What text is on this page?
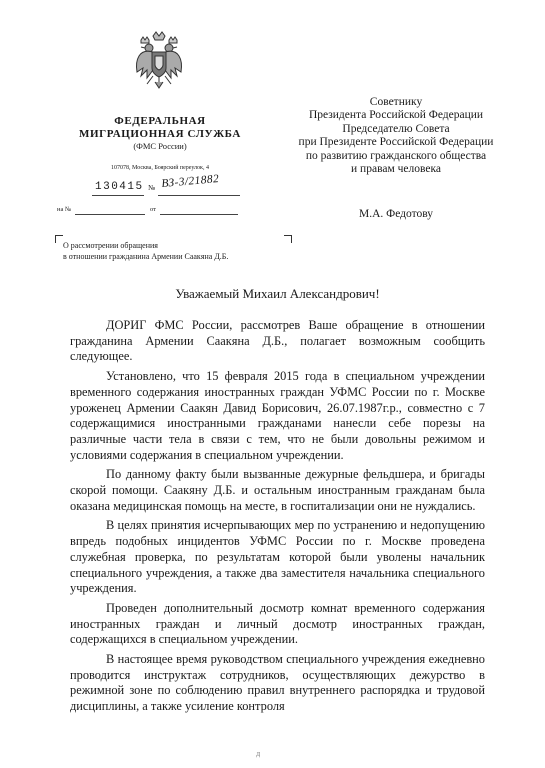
ФЕДЕРАЛЬНАЯ
МИГРАЦИОННАЯ СЛУЖБА
(ФМС России)
107078, Москва, Боярский переулок, 4
130415 № ВЗ-3/21882
на №	от
О рассмотрении обращения
в отношении гражданина Армении Саакяна Д.Б.
Советнику
Президента Российской Федерации
Председателю Совета
при Президенте Российской Федерации
по развитию гражданского общества
и правам человека
М.А. Федотову
Уважаемый Михаил Александрович!

ДОРИГ ФМС России, рассмотрев Ваше обращение в отношении гражданина Армении Саакяна Д.Б., полагает возможным сообщить следующее.

Установлено, что 15 февраля 2015 года в специальном учреждении временного содержания иностранных граждан УФМС России по г. Москве уроженец Армении Саакян Давид Борисович, 26.07.1987г.р., совместно с 7 содержащимися иностранными гражданами нанесли себе порезы на различные части тела в связи с тем, что не были довольны режимом и условиями содержания в специальном учреждении.

По данному факту были вызванные дежурные фельдшера, и бригады скорой помощи. Саакяну Д.Б. и остальным иностранным гражданам была оказана медицинская помощь на месте, в госпитализации они не нуждались.

В целях принятия исчерпывающих мер по устранению и недопущению впредь подобных инцидентов УФМС России по г. Москве проведена служебная проверка, по результатам которой были уволены начальник специального учреждения, а также два заместителя начальника специального учреждения.

Проведен дополнительный досмотр комнат временного содержания иностранных граждан и личный досмотр иностранных граждан, содержащихся в специальном учреждении.

В настоящее время руководством специального учреждения ежедневно проводится инструктаж сотрудников, осуществляющих дежурство в режимной зоне по соблюдению правил внутреннего распорядка и трудовой дисциплины, а также усиление контроля

Д
